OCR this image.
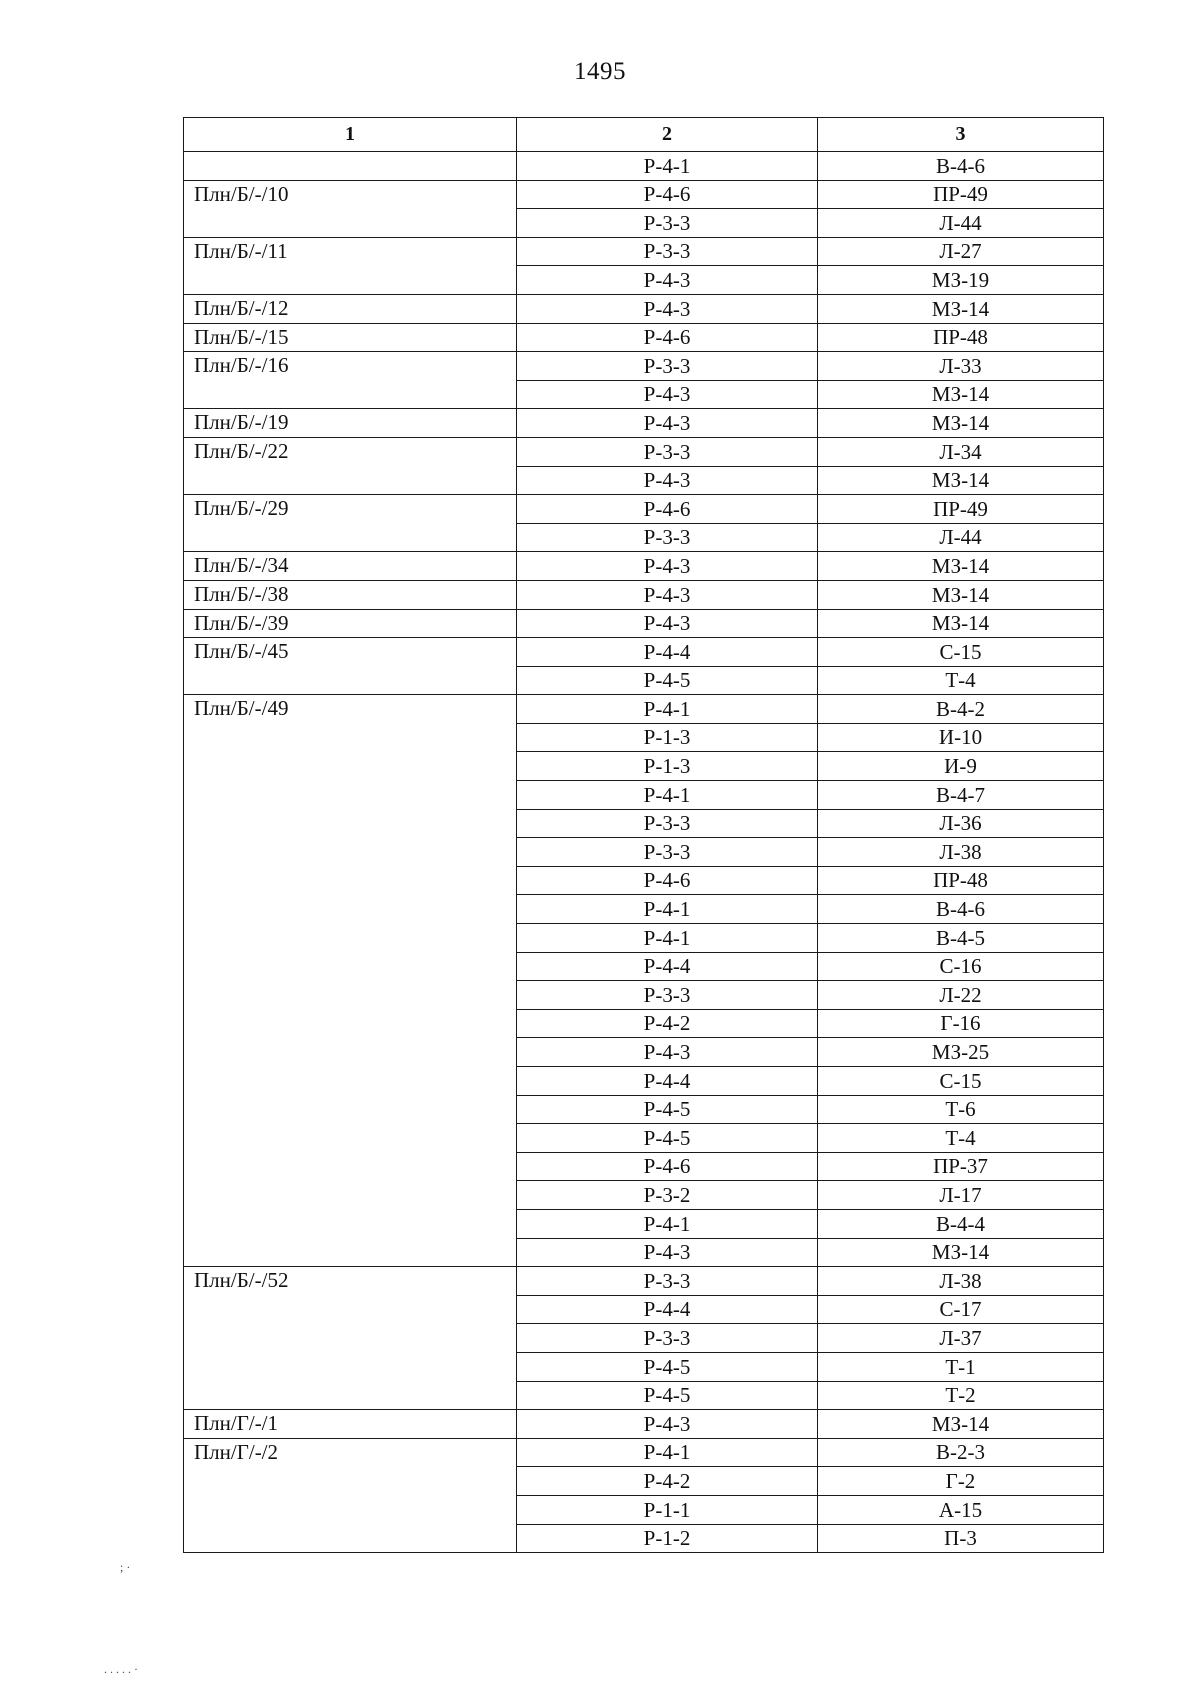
1495
1	2	3
	Р-4-1	В-4-6
Плн/Б/-/10	Р-4-6	ПР-49
	Р-3-3	Л-44
Плн/Б/-/11	Р-3-3	Л-27
	Р-4-3	МЗ-19
Плн/Б/-/12	Р-4-3	МЗ-14
Плн/Б/-/15	Р-4-6	ПР-48
Плн/Б/-/16	Р-3-3	Л-33
	Р-4-3	МЗ-14
Плн/Б/-/19	Р-4-3	МЗ-14
Плн/Б/-/22	Р-3-3	Л-34
	Р-4-3	МЗ-14
Плн/Б/-/29	Р-4-6	ПР-49
	Р-3-3	Л-44
Плн/Б/-/34	Р-4-3	МЗ-14
Плн/Б/-/38	Р-4-3	МЗ-14
Плн/Б/-/39	Р-4-3	МЗ-14
Плн/Б/-/45	Р-4-4	С-15
	Р-4-5	Т-4
Плн/Б/-/49	Р-4-1	В-4-2
	Р-1-3	И-10
	Р-1-3	И-9
	Р-4-1	В-4-7
	Р-3-3	Л-36
	Р-3-3	Л-38
	Р-4-6	ПР-48
	Р-4-1	В-4-6
	Р-4-1	В-4-5
	Р-4-4	С-16
	Р-3-3	Л-22
	Р-4-2	Г-16
	Р-4-3	МЗ-25
	Р-4-4	С-15
	Р-4-5	Т-6
	Р-4-5	Т-4
	Р-4-6	ПР-37
	Р-3-2	Л-17
	Р-4-1	В-4-4
	Р-4-3	МЗ-14
Плн/Б/-/52	Р-3-3	Л-38
	Р-4-4	С-17
	Р-3-3	Л-37
	Р-4-5	Т-1
	Р-4-5	Т-2
Плн/Г/-/1	Р-4-3	МЗ-14
Плн/Г/-/2	Р-4-1	В-2-3
	Р-4-2	Г-2
	Р-1-1	А-15
	Р-1-2	П-3
; ·
. . . . . ·
